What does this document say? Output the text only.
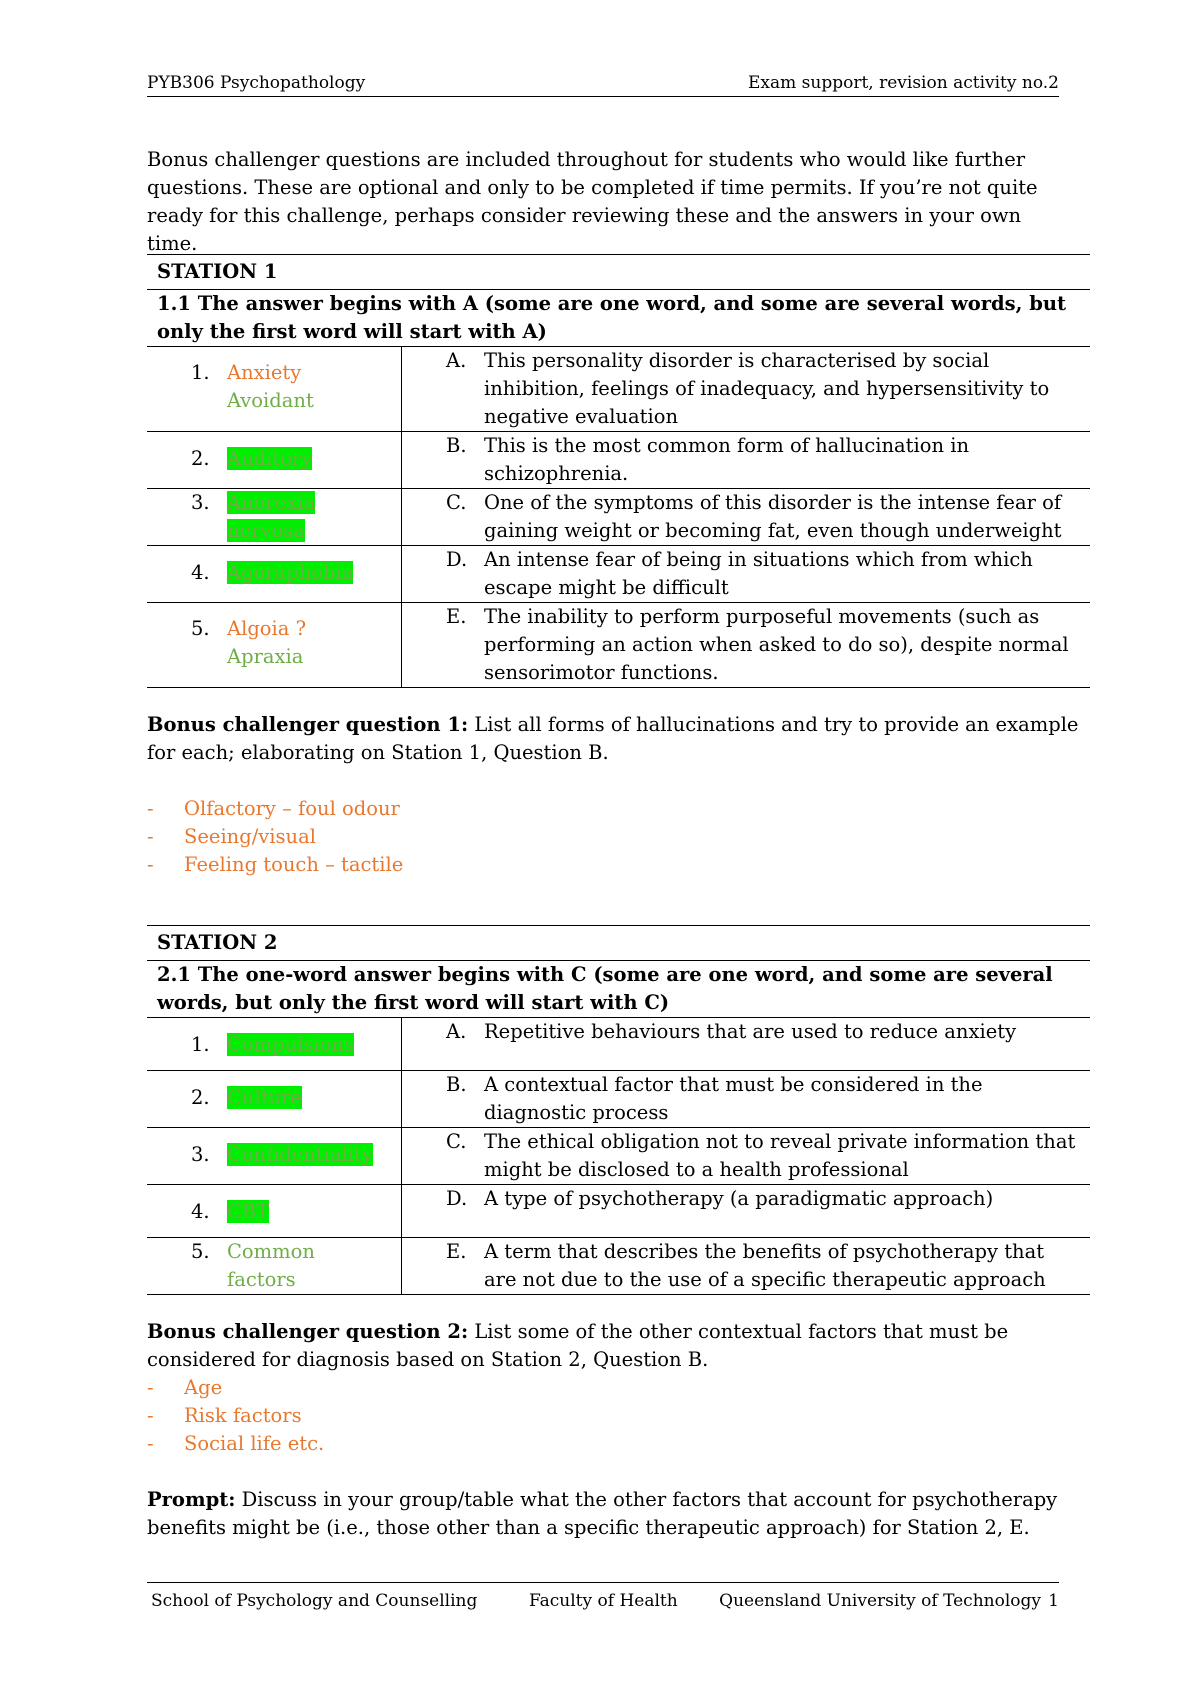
PYB306 Psychopathology	Exam support, revision activity no.2
Bonus challenger questions are included throughout for students who would like further questions. These are optional and only to be completed if time permits. If you’re not quite ready for this challenge, perhaps consider reviewing these and the answers in your own time.
STATION 1	
1.1 The answer begins with A (some are one word, and some are several words, but only the first word will start with A)	

1. Anxiety
Avoidant	A. This personality disorder is characterised by social inhibition, feelings of inadequacy, and hypersensitivity to negative evaluation

2. Auditory	B. This is the most common form of hallucination in schizophrenia.

3. Anorexia
nervosa	C. One of the symptoms of this disorder is the intense fear of gaining weight or becoming fat, even though underweight

4. Agoraphobia	D. An intense fear of being in situations which from which escape might be difficult

5. Algoia ?
Apraxia	E. The inability to perform purposeful movements (such as performing an action when asked to do so), despite normal sensorimotor functions.

Bonus challenger question 1: List all forms of hallucinations and try to provide an example for each; elaborating on Station 1, Question B.

-	Olfactory – foul odour
-	Seeing/visual
-	Feeling touch – tactile
STATION 2	
2.1 The one-word answer begins with C (some are one word, and some are several words, but only the first word will start with C)	

1. Compulsions	A. Repetitive behaviours that are used to reduce anxiety

2. Culture	B. A contextual factor that must be considered in the diagnostic process

3. Confidentiality	C. The ethical obligation not to reveal private information that might be disclosed to a health professional

4. CBT	D. A type of psychotherapy (a paradigmatic approach)

5. Common
factors	E. A term that describes the benefits of psychotherapy that are not due to the use of a specific therapeutic approach

Bonus challenger question 2: List some of the other contextual factors that must be considered for diagnosis based on Station 2, Question B.

-	Age
-	Risk factors
-	Social life etc.

Prompt: Discuss in your group/table what the other factors that account for psychotherapy benefits might be (i.e., those other than a specific therapeutic approach) for Station 2, E.

School of Psychology and Counselling	Faculty of Health Queensland University of Technology 1
